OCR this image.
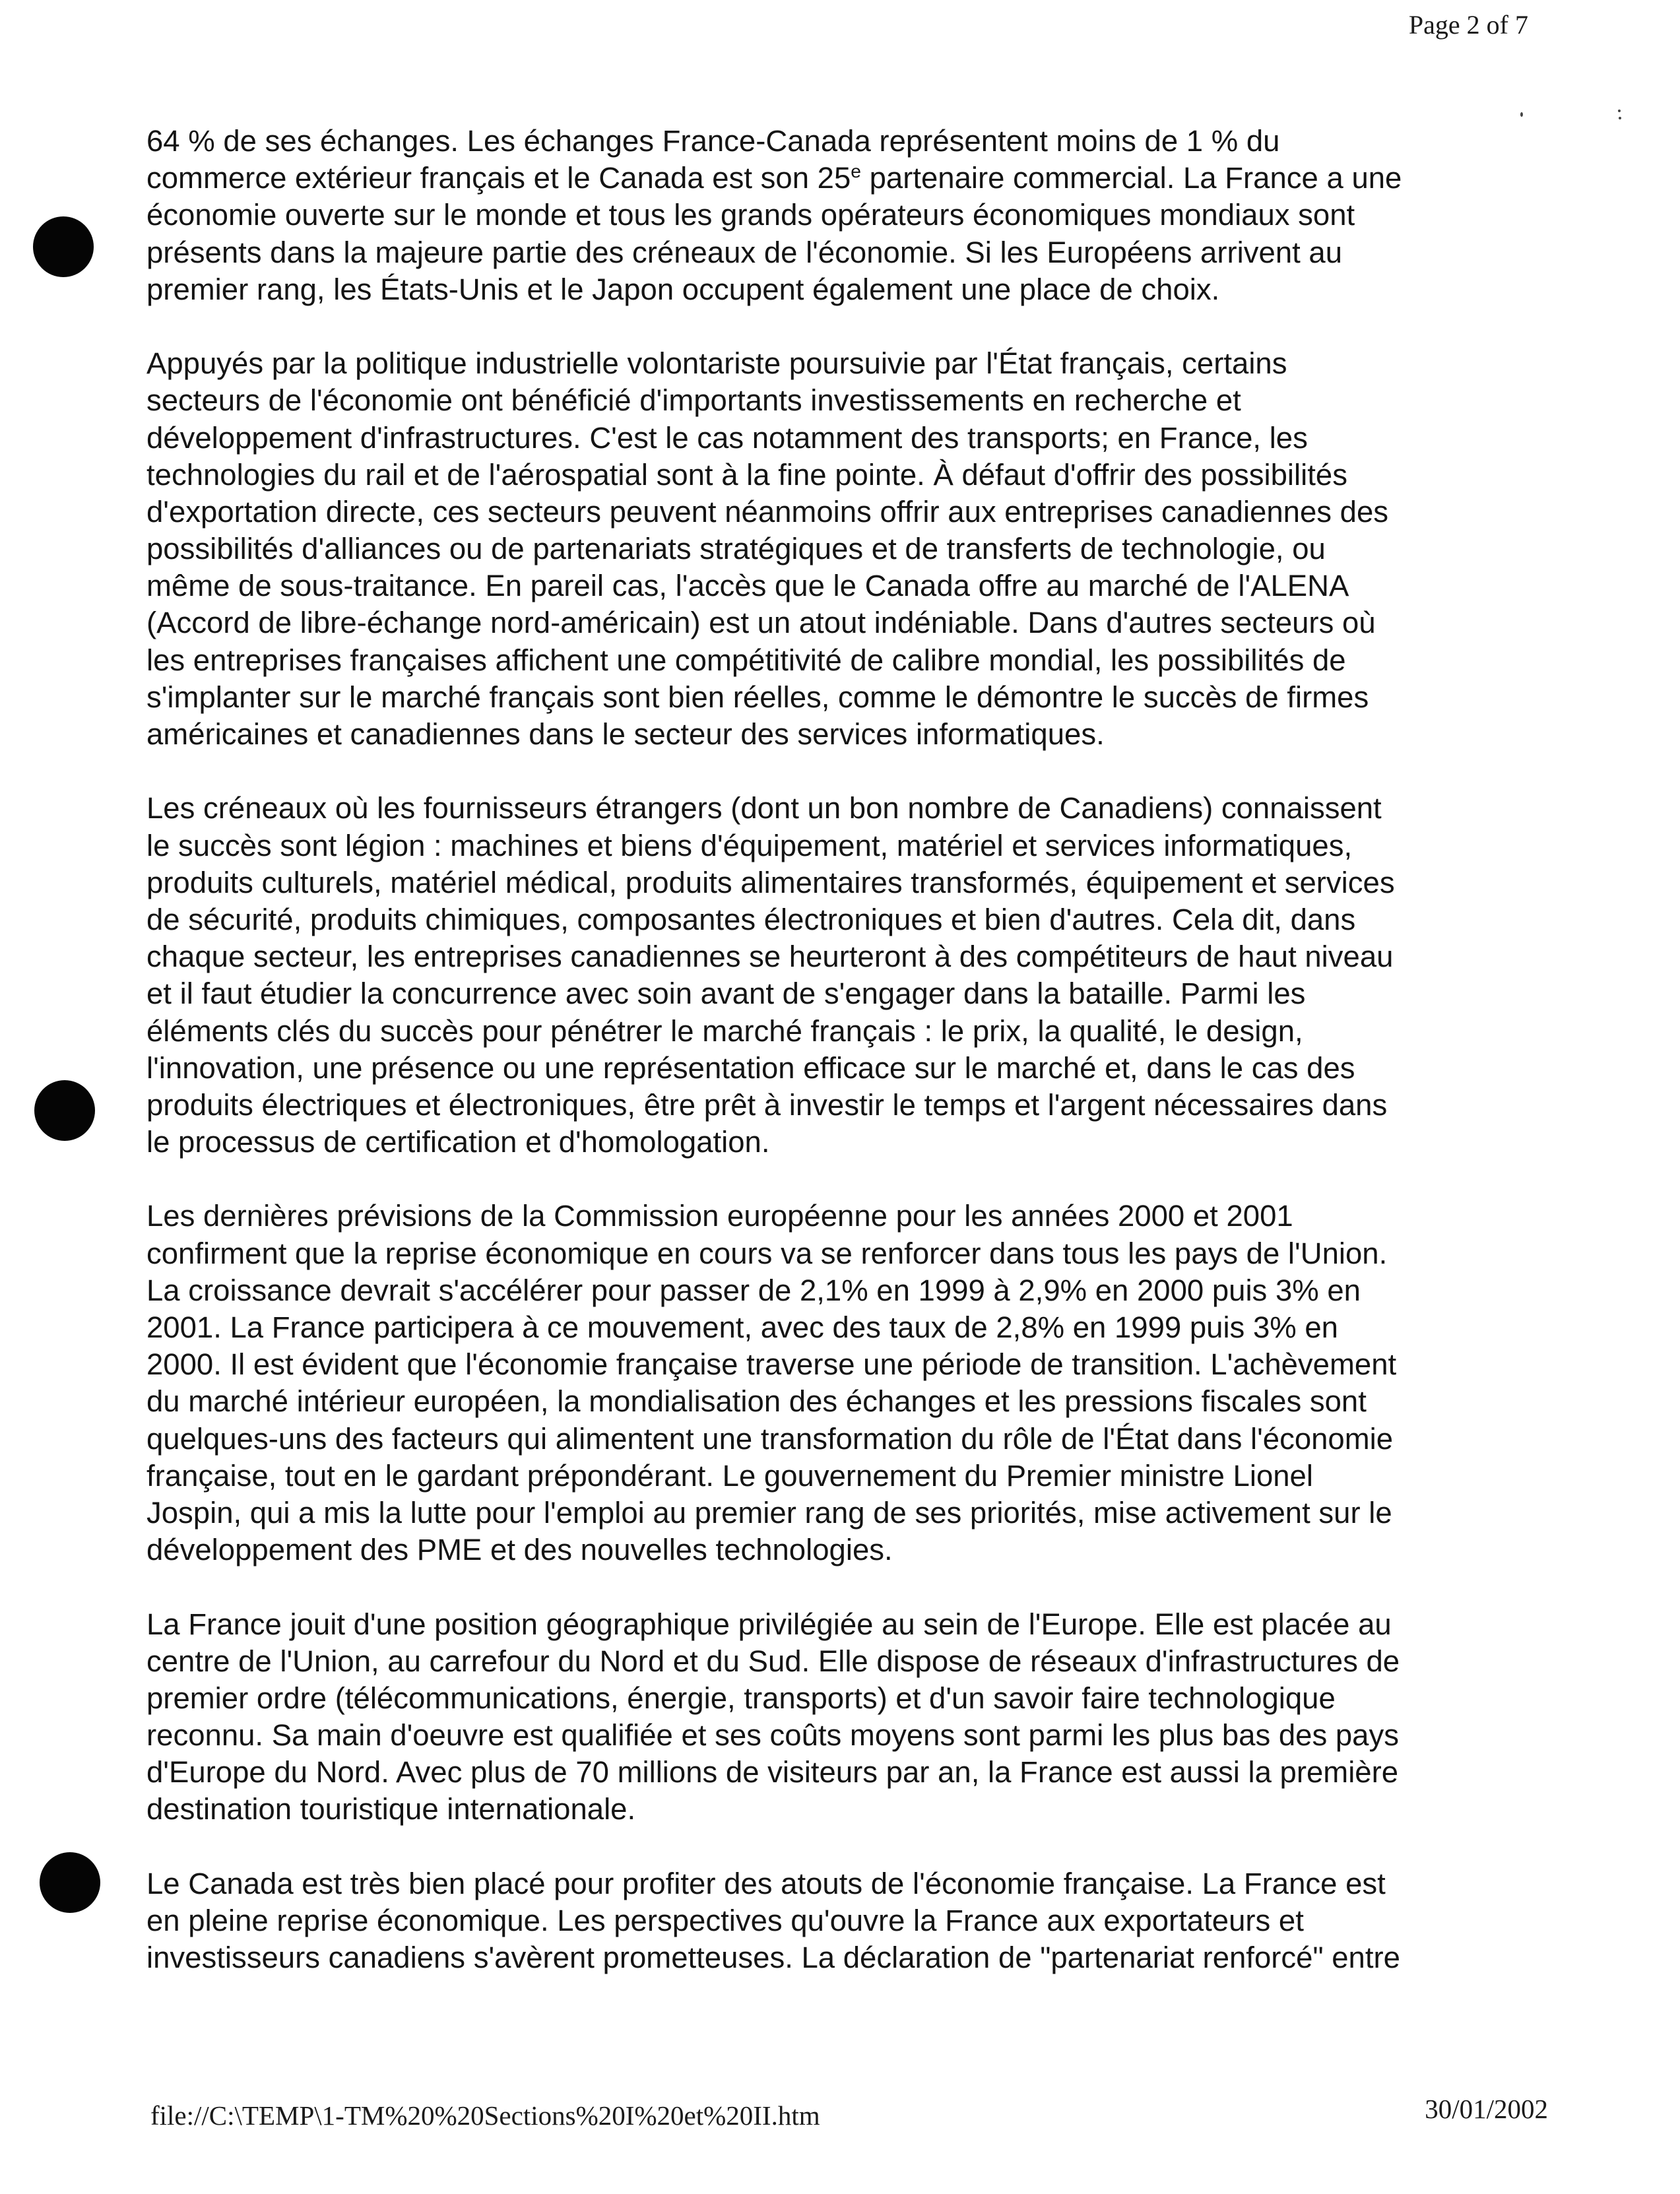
Page 2 of 7
64 % de ses échanges. Les échanges France-Canada représentent moins de 1 % du
commerce extérieur français et le Canada est son 25e partenaire commercial. La France a une
économie ouverte sur le monde et tous les grands opérateurs économiques mondiaux sont
présents dans la majeure partie des créneaux de l'économie. Si les Européens arrivent au
premier rang, les États-Unis et le Japon occupent également une place de choix.
Appuyés par la politique industrielle volontariste poursuivie par l'État français, certains
secteurs de l'économie ont bénéficié d'importants investissements en recherche et
développement d'infrastructures. C'est le cas notamment des transports; en France, les
technologies du rail et de l'aérospatial sont à la fine pointe. À défaut d'offrir des possibilités
d'exportation directe, ces secteurs peuvent néanmoins offrir aux entreprises canadiennes des
possibilités d'alliances ou de partenariats stratégiques et de transferts de technologie, ou
même de sous-traitance. En pareil cas, l'accès que le Canada offre au marché de l'ALENA
(Accord de libre-échange nord-américain) est un atout indéniable. Dans d'autres secteurs où
les entreprises françaises affichent une compétitivité de calibre mondial, les possibilités de
s'implanter sur le marché français sont bien réelles, comme le démontre le succès de firmes
américaines et canadiennes dans le secteur des services informatiques.
Les créneaux où les fournisseurs étrangers (dont un bon nombre de Canadiens) connaissent
le succès sont légion : machines et biens d'équipement, matériel et services informatiques,
produits culturels, matériel médical, produits alimentaires transformés, équipement et services
de sécurité, produits chimiques, composantes électroniques et bien d'autres. Cela dit, dans
chaque secteur, les entreprises canadiennes se heurteront à des compétiteurs de haut niveau
et il faut étudier la concurrence avec soin avant de s'engager dans la bataille. Parmi les
éléments clés du succès pour pénétrer le marché français : le prix, la qualité, le design,
l'innovation, une présence ou une représentation efficace sur le marché et, dans le cas des
produits électriques et électroniques, être prêt à investir le temps et l'argent nécessaires dans
le processus de certification et d'homologation.
Les dernières prévisions de la Commission européenne pour les années 2000 et 2001
confirment que la reprise économique en cours va se renforcer dans tous les pays de l'Union.
La croissance devrait s'accélérer pour passer de 2,1% en 1999 à 2,9% en 2000 puis 3% en
2001. La France participera à ce mouvement, avec des taux de 2,8% en 1999 puis 3% en
2000. Il est évident que l'économie française traverse une période de transition. L'achèvement
du marché intérieur européen, la mondialisation des échanges et les pressions fiscales sont
quelques-uns des facteurs qui alimentent une transformation du rôle de l'État dans l'économie
française, tout en le gardant prépondérant. Le gouvernement du Premier ministre Lionel
Jospin, qui a mis la lutte pour l'emploi au premier rang de ses priorités, mise activement sur le
développement des PME et des nouvelles technologies.
La France jouit d'une position géographique privilégiée au sein de l'Europe. Elle est placée au
centre de l'Union, au carrefour du Nord et du Sud. Elle dispose de réseaux d'infrastructures de
premier ordre (télécommunications, énergie, transports) et d'un savoir faire technologique
reconnu. Sa main d'oeuvre est qualifiée et ses coûts moyens sont parmi les plus bas des pays
d'Europe du Nord. Avec plus de 70 millions de visiteurs par an, la France est aussi la première
destination touristique internationale.
Le Canada est très bien placé pour profiter des atouts de l'économie française. La France est
en pleine reprise économique. Les perspectives qu'ouvre la France aux exportateurs et
investisseurs canadiens s'avèrent prometteuses. La déclaration de "partenariat renforcé" entre
file://C:\TEMP\1-TM%20%20Sections%20I%20et%20II.htm	30/01/2002
